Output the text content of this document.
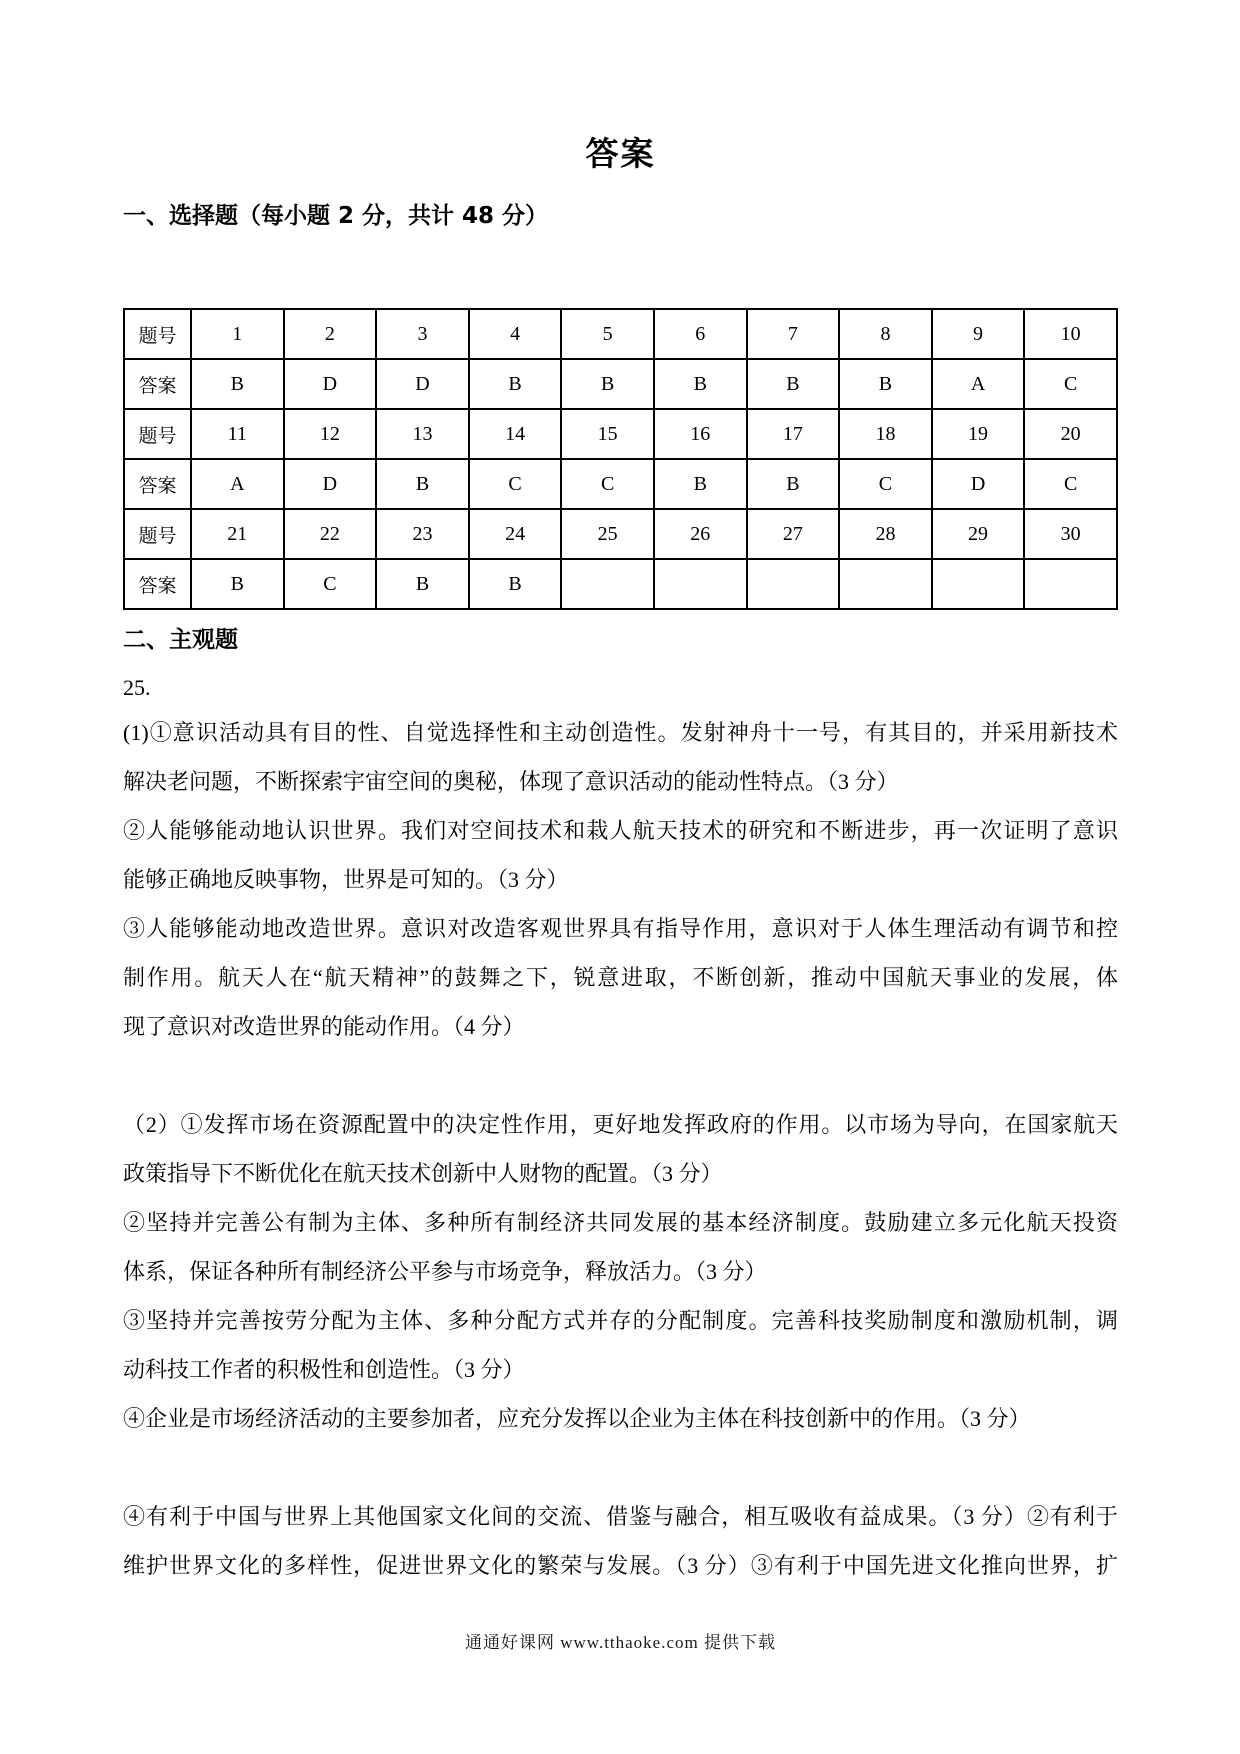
答案
一、选择题（每小题 2 分，共计 48 分）
题号	1	2	3	4	5	6	7	8	9	10
答案	B	D	D	B	B	B	B	B	A	C
题号	11	12	13	14	15	16	17	18	19	20
答案	A	D	B	C	C	B	B	C	D	C
题号	21	22	23	24	25	26	27	28	29	30
答案	B	C	B	B						
二、主观题
25.
(1)①意识活动具有目的性、自觉选择性和主动创造性。发射神舟十一号，有其目的，并采用新技术
解决老问题，不断探索宇宙空间的奥秘，体现了意识活动的能动性特点。（3 分）
②人能够能动地认识世界。我们对空间技术和栽人航天技术的研究和不断进步，再一次证明了意识
能够正确地反映事物，世界是可知的。（3 分）
③人能够能动地改造世界。意识对改造客观世界具有指导作用，意识对于人体生理活动有调节和控
制作用。航天人在“航天精神”的鼓舞之下，锐意进取，不断创新，推动中国航天事业的发展，体
现了意识对改造世界的能动作用。（4 分）
（2）①发挥市场在资源配置中的决定性作用，更好地发挥政府的作用。以市场为导向，在国家航天
政策指导下不断优化在航天技术创新中人财物的配置。（3 分）
②坚持并完善公有制为主体、多种所有制经济共同发展的基本经济制度。鼓励建立多元化航天投资
体系，保证各种所有制经济公平参与市场竞争，释放活力。（3 分）
③坚持并完善按劳分配为主体、多种分配方式并存的分配制度。完善科技奖励制度和激励机制，调
动科技工作者的积极性和创造性。（3 分）
④企业是市场经济活动的主要参加者，应充分发挥以企业为主体在科技创新中的作用。（3 分）
④有利于中国与世界上其他国家文化间的交流、借鉴与融合，相互吸收有益成果。（3 分）②有利于
维护世界文化的多样性，促进世界文化的繁荣与发展。（3 分）③有利于中国先进文化推向世界，扩
通通好课网 www.tthaoke.com 提供下载
